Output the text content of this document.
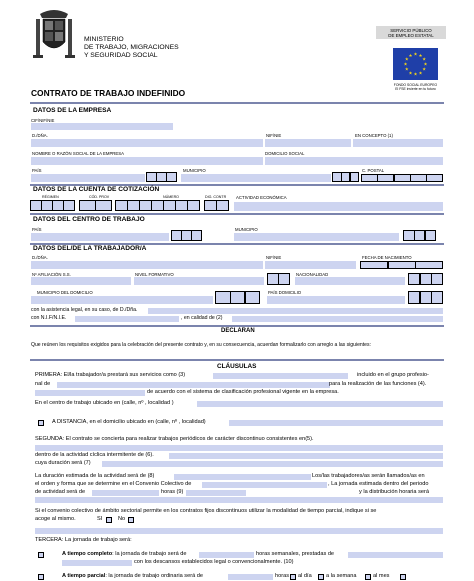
MINISTERIO
DE TRABAJO, MIGRACIONES
Y SEGURIDAD SOCIAL
SERVICIO PÚBLICO
DE EMPLEO ESTATAL
★ ★
★
★
★
★
★
★
★
★
★
★
FONDO SOCIAL EUROPEO
El FSE invierte en tu futuro
CONTRATO DE TRABAJO INDEFINIDO
DATOS DE LA EMPRESA
CIF/NIF/NIE
D./DÑA.	NIF/NIE	EN CONCEPTO (1)
NOMBRE O RAZÓN SOCIAL DE LA EMPRESA	DOMICILIO SOCIAL
PAÍS	MUNICIPIO	C. POSTAL
DATOS DE LA CUENTA DE COTIZACIÓN
RÉGIMEN	CÓD. PROV	NÚMERO	DIG. CONTR ACTIVIDAD ECONÓMICA
DATOS DEL CENTRO DE TRABAJO
PAÍS	MUNICIPIO
DATOS DEL/DE LA TRABAJADOR/A
D./DÑA.	NIF/NIE	FECHA DE NACIMIENTO
Nº AFILIACIÓN S.S.	NIVEL FORMATIVO	NACIONALIDAD
MUNICIPIO DEL DOMICILIO	PAÍS DOMICILIO
con la asistencia legal, en su caso, de D./Dña.
con N.I.F/N.I.E.	, en calidad de (2)
DECLARAN
Que reúnen los requisitos exigidos para la celebración del presente contrato y, en su consecuencia, acuerdan formalizarlo con arreglo a las siguientes:
CLÁUSULAS
PRIMERA: El/la trabajador/a prestará sus servicios como (3)	incluido en el grupo profesio-
nal de	para la realización de las funciones (4).
de acuerdo con el sistema de clasificación profesional vigente en la empresa.
En el centro de trabajo ubicado en (calle, nº , localidad )
A DISTANCIA, en el domicilio ubicado en (calle, nº , localidad)
SEGUNDA: El contrato se concierta para realizar trabajos periódicos de carácter discontinuo consistentes en(5).
dentro de la actividad cíclica intermitente de (6).
cuya duración será (7)
La duración estimada de la actividad será de (8)	Los/las trabajadores/as serán llamados/as en
el orden y forma que se determine en el Convenio Colectivo de	, La jornada estimada dentro del periodo
de actividad será de	horas (9)	y la distribución horaria será
Si el convenio colectivo de ámbito sectorial permite en los contratos fijos discontinuos utilizar la modalidad de tiempo parcial, indique si se
acoge al mismo.	SI	No
TERCERA: La jornada de trabajo será:
A tiempo completo: la jornada de trabajo será de	horas semanales, prestadas de
con los descansos establecidos legal o convencionalmente. (10)
A tiempo parcial: la jornada de trabajo ordinaria será de	horas al día	a la semana	al mes
